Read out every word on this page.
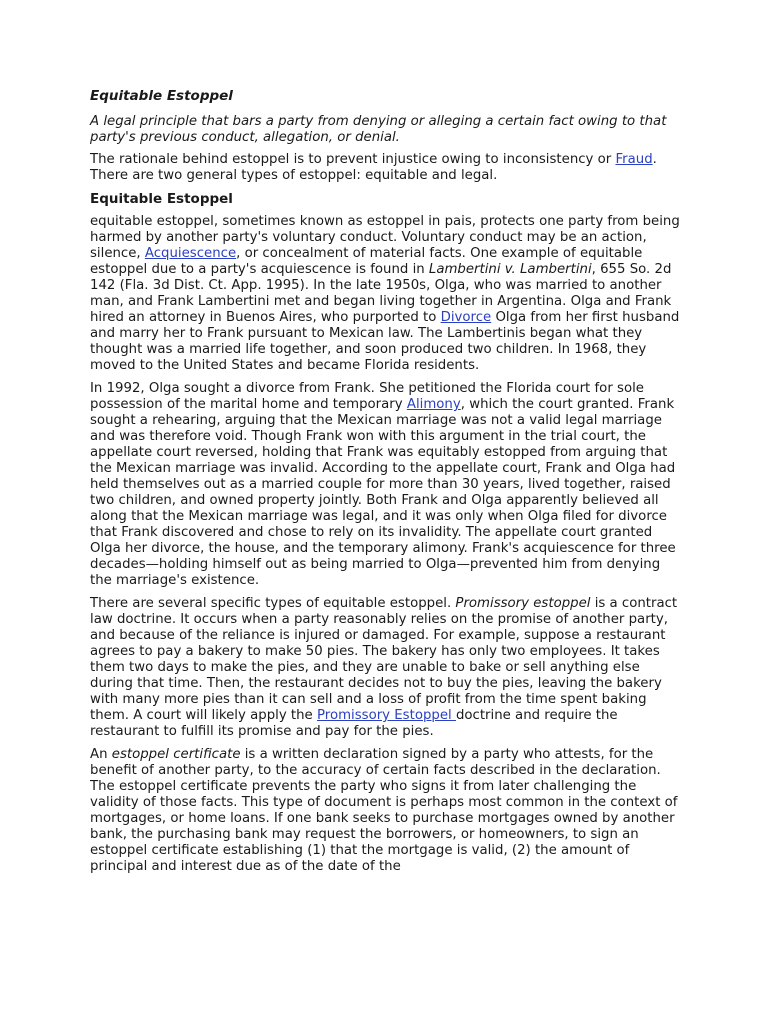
Equitable Estoppel
A legal principle that bars a party from denying or alleging a certain fact owing to that party's previous conduct, allegation, or denial.

The rationale behind estoppel is to prevent injustice owing to inconsistency or Fraud. There are two general types of estoppel: equitable and legal.

Equitable Estoppel

equitable estoppel, sometimes known as estoppel in pais, protects one party from being harmed by another party's voluntary conduct. Voluntary conduct may be an action, silence, Acquiescence, or concealment of material facts. One example of equitable estoppel due to a party's acquiescence is found in Lambertini v. Lambertini, 655 So. 2d 142 (Fla. 3d Dist. Ct. App. 1995). In the late 1950s, Olga, who was married to another man, and Frank Lambertini met and began living together in Argentina. Olga and Frank hired an attorney in Buenos Aires, who purported to Divorce Olga from her first husband and marry her to Frank pursuant to Mexican law. The Lambertinis began what they thought was a married life together, and soon produced two children. In 1968, they moved to the United States and became Florida residents.

In 1992, Olga sought a divorce from Frank. She petitioned the Florida court for sole possession of the marital home and temporary Alimony, which the court granted. Frank sought a rehearing, arguing that the Mexican marriage was not a valid legal marriage and was therefore void. Though Frank won with this argument in the trial court, the appellate court reversed, holding that Frank was equitably estopped from arguing that the Mexican marriage was invalid. According to the appellate court, Frank and Olga had held themselves out as a married couple for more than 30 years, lived together, raised two children, and owned property jointly. Both Frank and Olga apparently believed all along that the Mexican marriage was legal, and it was only when Olga filed for divorce that Frank discovered and chose to rely on its invalidity. The appellate court granted Olga her divorce, the house, and the temporary alimony. Frank's acquiescence for three decades—holding himself out as being married to Olga—prevented him from denying the marriage's existence.

There are several specific types of equitable estoppel. Promissory estoppel is a contract law doctrine. It occurs when a party reasonably relies on the promise of another party, and because of the reliance is injured or damaged. For example, suppose a restaurant agrees to pay a bakery to make 50 pies. The bakery has only two employees. It takes them two days to make the pies, and they are unable to bake or sell anything else during that time. Then, the restaurant decides not to buy the pies, leaving the bakery with many more pies than it can sell and a loss of profit from the time spent baking them. A court will likely apply the Promissory Estoppel doctrine and require the restaurant to fulfill its promise and pay for the pies.

An estoppel certificate is a written declaration signed by a party who attests, for the benefit of another party, to the accuracy of certain facts described in the declaration. The estoppel certificate prevents the party who signs it from later challenging the validity of those facts. This type of document is perhaps most common in the context of mortgages, or home loans. If one bank seeks to purchase mortgages owned by another bank, the purchasing bank may request the borrowers, or homeowners, to sign an estoppel certificate establishing (1) that the mortgage is valid, (2) the amount of principal and interest due as of the date of the
